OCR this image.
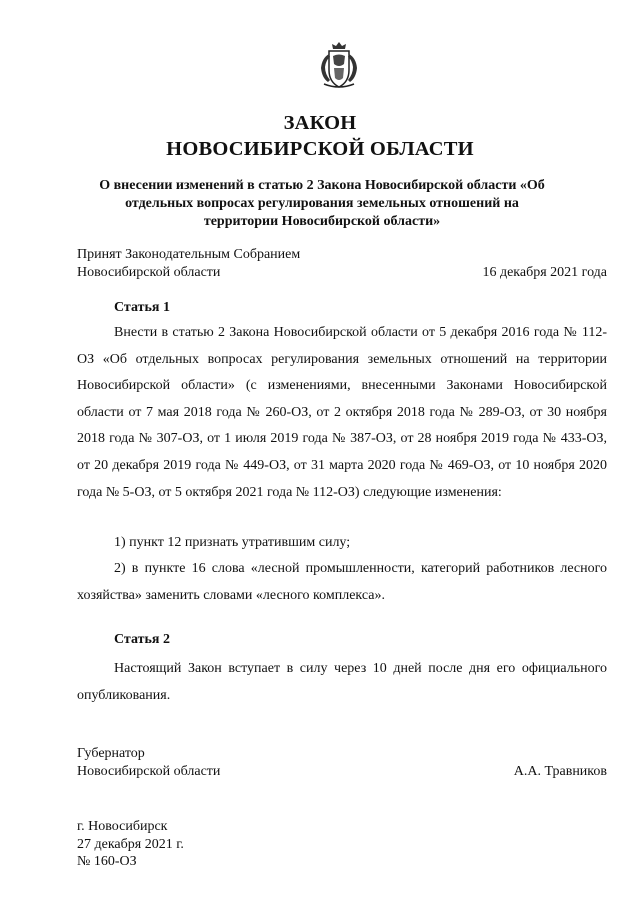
ЗАКОН
НОВОСИБИРСКОЙ ОБЛАСТИ
О внесении изменений в статью 2 Закона Новосибирской области «Об отдельных вопросах регулирования земельных отношений на территории Новосибирской области»
Принят Законодательным Собранием
Новосибирской области	16 декабря 2021 года
Статья 1
Внести в статью 2 Закона Новосибирской области от 5 декабря 2016 года № 112-ОЗ «Об отдельных вопросах регулирования земельных отношений на территории Новосибирской области» (с изменениями, внесенными Законами Новосибирской области от 7 мая 2018 года № 260-ОЗ, от 2 октября 2018 года № 289-ОЗ, от 30 ноября 2018 года № 307-ОЗ, от 1 июля 2019 года № 387-ОЗ, от 28 ноября 2019 года № 433-ОЗ, от 20 декабря 2019 года № 449-ОЗ, от 31 марта 2020 года № 469-ОЗ, от 10 ноября 2020 года № 5-ОЗ, от 5 октября 2021 года № 112-ОЗ) следующие изменения:
1) пункт 12 признать утратившим силу;
2) в пункте 16 слова «лесной промышленности, категорий работников лесного хозяйства» заменить словами «лесного комплекса».
Статья 2
Настоящий Закон вступает в силу через 10 дней после дня его официального опубликования.
Губернатор
Новосибирской области	А.А. Травников
г. Новосибирск
27 декабря 2021 г.
№ 160-ОЗ
